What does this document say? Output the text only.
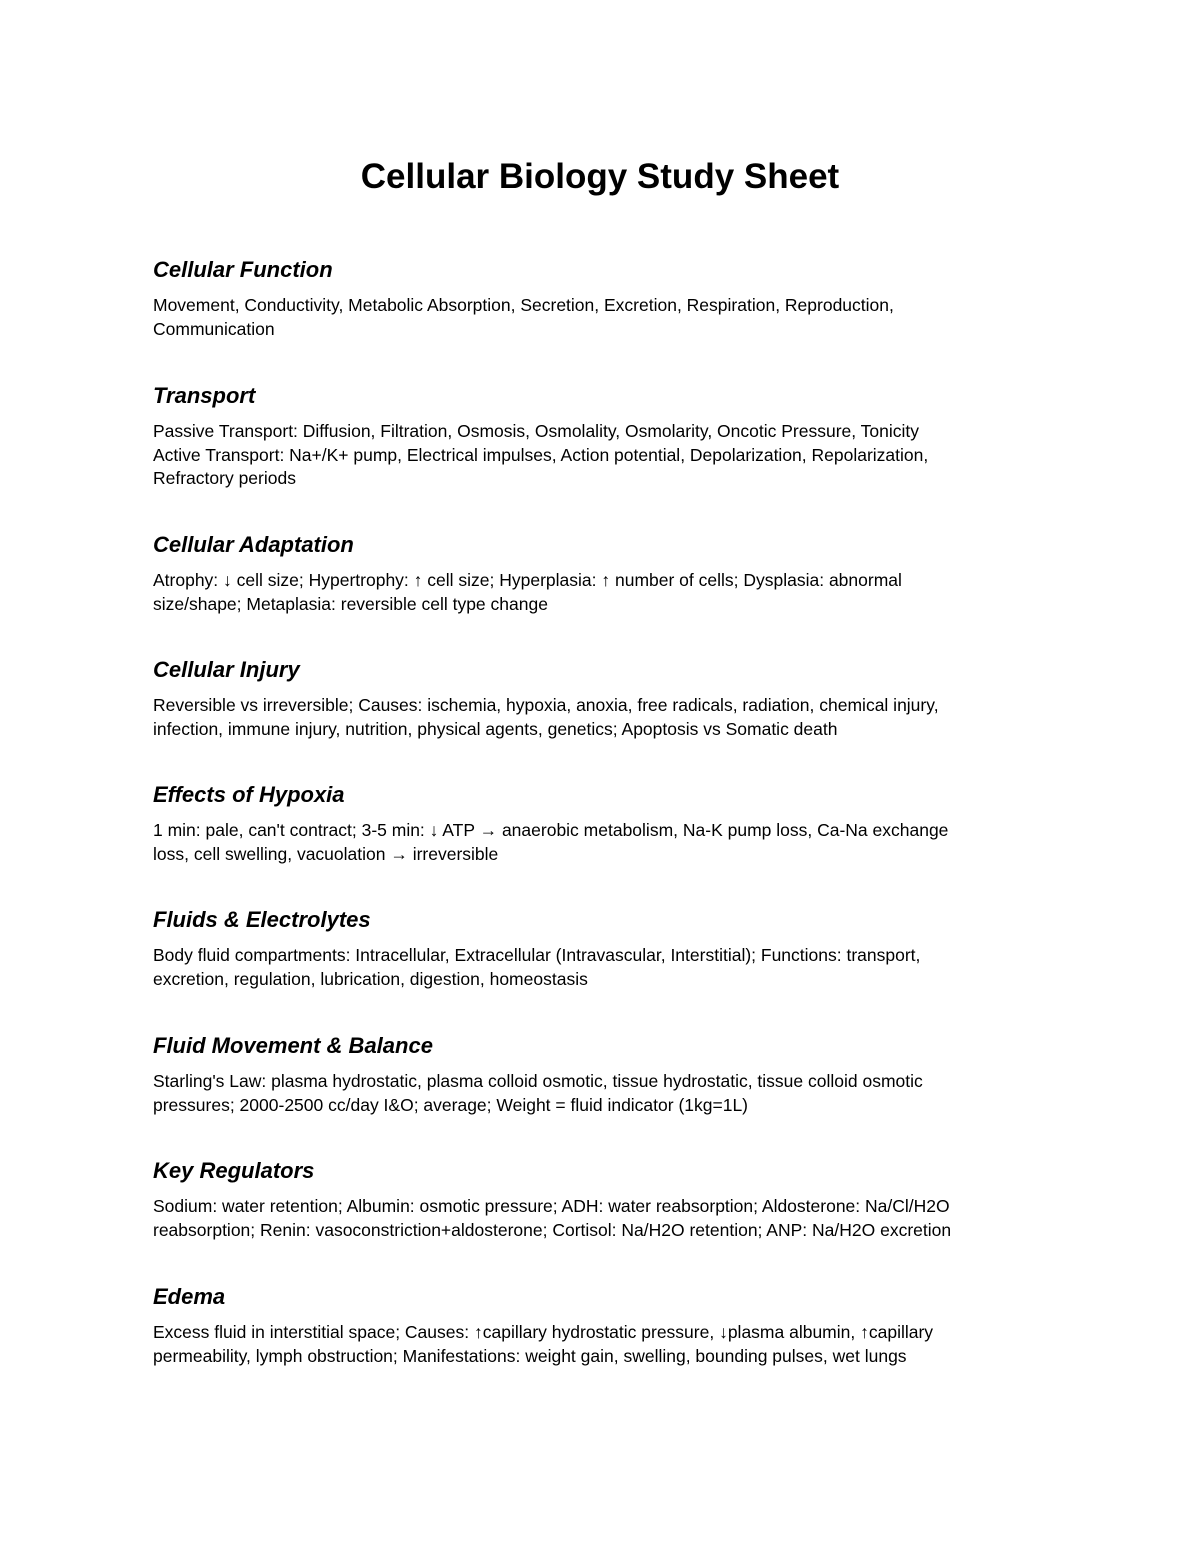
Cellular Biology Study Sheet
Cellular Function

Movement, Conductivity, Metabolic Absorption, Secretion, Excretion, Respiration, Reproduction,
Communication

Transport

Passive Transport: Diffusion, Filtration, Osmosis, Osmolality, Osmolarity, Oncotic Pressure, Tonicity
Active Transport: Na+/K+ pump, Electrical impulses, Action potential, Depolarization, Repolarization,
Refractory periods

Cellular Adaptation

Atrophy: ↓ cell size; Hypertrophy: ↑ cell size; Hyperplasia: ↑ number of cells; Dysplasia: abnormal
size/shape; Metaplasia: reversible cell type change

Cellular Injury

Reversible vs irreversible; Causes: ischemia, hypoxia, anoxia, free radicals, radiation, chemical injury,
infection, immune injury, nutrition, physical agents, genetics; Apoptosis vs Somatic death

Effects of Hypoxia

1 min: pale, can't contract; 3-5 min: ↓ ATP → anaerobic metabolism, Na-K pump loss, Ca-Na exchange
loss, cell swelling, vacuolation → irreversible

Fluids & Electrolytes

Body fluid compartments: Intracellular, Extracellular (Intravascular, Interstitial); Functions: transport,
excretion, regulation, lubrication, digestion, homeostasis

Fluid Movement & Balance

Starling's Law: plasma hydrostatic, plasma colloid osmotic, tissue hydrostatic, tissue colloid osmotic
pressures; 2000-2500 cc/day I&O; average; Weight = fluid indicator (1kg=1L)

Key Regulators

Sodium: water retention; Albumin: osmotic pressure; ADH: water reabsorption; Aldosterone: Na/Cl/H2O
reabsorption; Renin: vasoconstriction+aldosterone; Cortisol: Na/H2O retention; ANP: Na/H2O excretion

Edema

Excess fluid in interstitial space; Causes: ↑capillary hydrostatic pressure, ↓plasma albumin, ↑capillary
permeability, lymph obstruction; Manifestations: weight gain, swelling, bounding pulses, wet lungs
